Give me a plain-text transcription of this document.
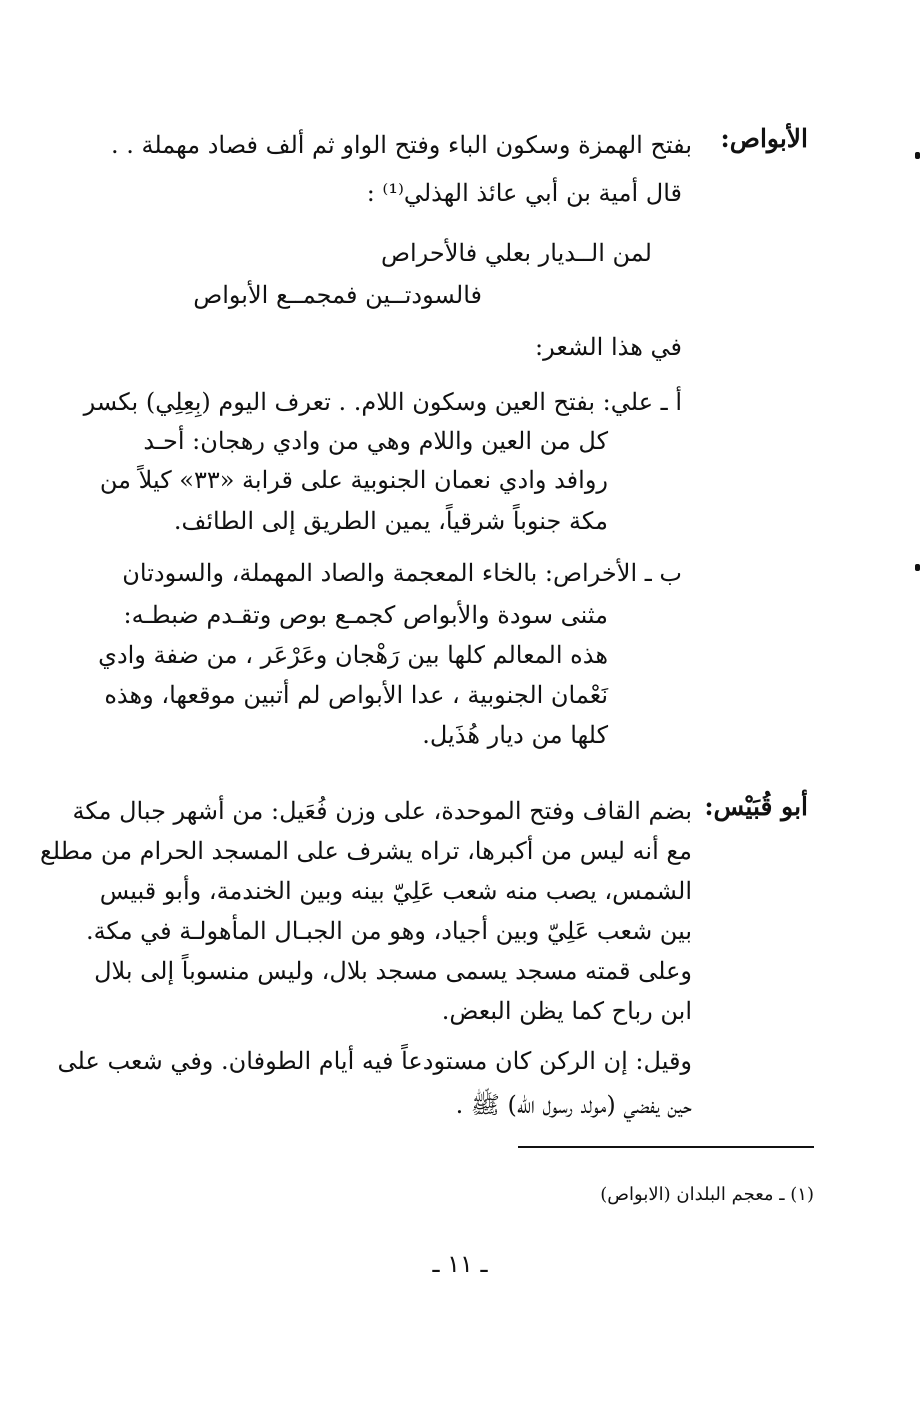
الأبواص:
بفتح الهمزة وسكون الباء وفتح الواو ثم ألف فصاد مهملة . .
قال أمية بن أبي عائذ الهذلي⁽¹⁾ :
لمن الــديار بعلي فالأحراص
فالسودتــين فمجمــع الأبواص
في هذا الشعر:
أ ـ علي: بفتح العين وسكون اللام. . تعرف اليوم (بِعِلِي) بكسر
كل من العين واللام وهي من وادي رهجان: أحـد
روافد وادي نعمان الجنوبية على قرابة «٣٣» كيلاً من
مكة جنوباً شرقياً، يمين الطريق إلى الطائف.
ب ـ الأخراص: بالخاء المعجمة والصاد المهملة، والسودتان
مثنى سودة والأبواص كجمـع بوص وتقـدم ضبطـه:
هذه المعالم كلها بين رَهْجان وعَرْعَر ، من ضفة وادي
نَعْمان الجنوبية ، عدا الأبواص لم أتبين موقعها، وهذه
كلها من ديار هُذَيل.
أبو قُبَيْس:
بضم القاف وفتح الموحدة، على وزن فُعَيل: من أشهر جبال مكة
مع أنه ليس من أكبرها، تراه يشرف على المسجد الحرام من مطلع
الشمس، يصب منه شعب عَلِيّ بينه وبين الخندمة، وأبو قبيس
بين شعب عَلِيّ وبين أجياد، وهو من الجبـال المأهولـة في مكة.
وعلى قمته مسجد يسمى مسجد بلال، وليس منسوباً إلى بلال
ابن رباح كما يظن البعض.
وقيل: إن الركن كان مستودعاً فيه أيام الطوفان. وفي شعب على
حين يفضي (مولد رسول الله) ﷺ .
(١) ـ معجم البلدان (الابواص)
ـ ١١ ـ
